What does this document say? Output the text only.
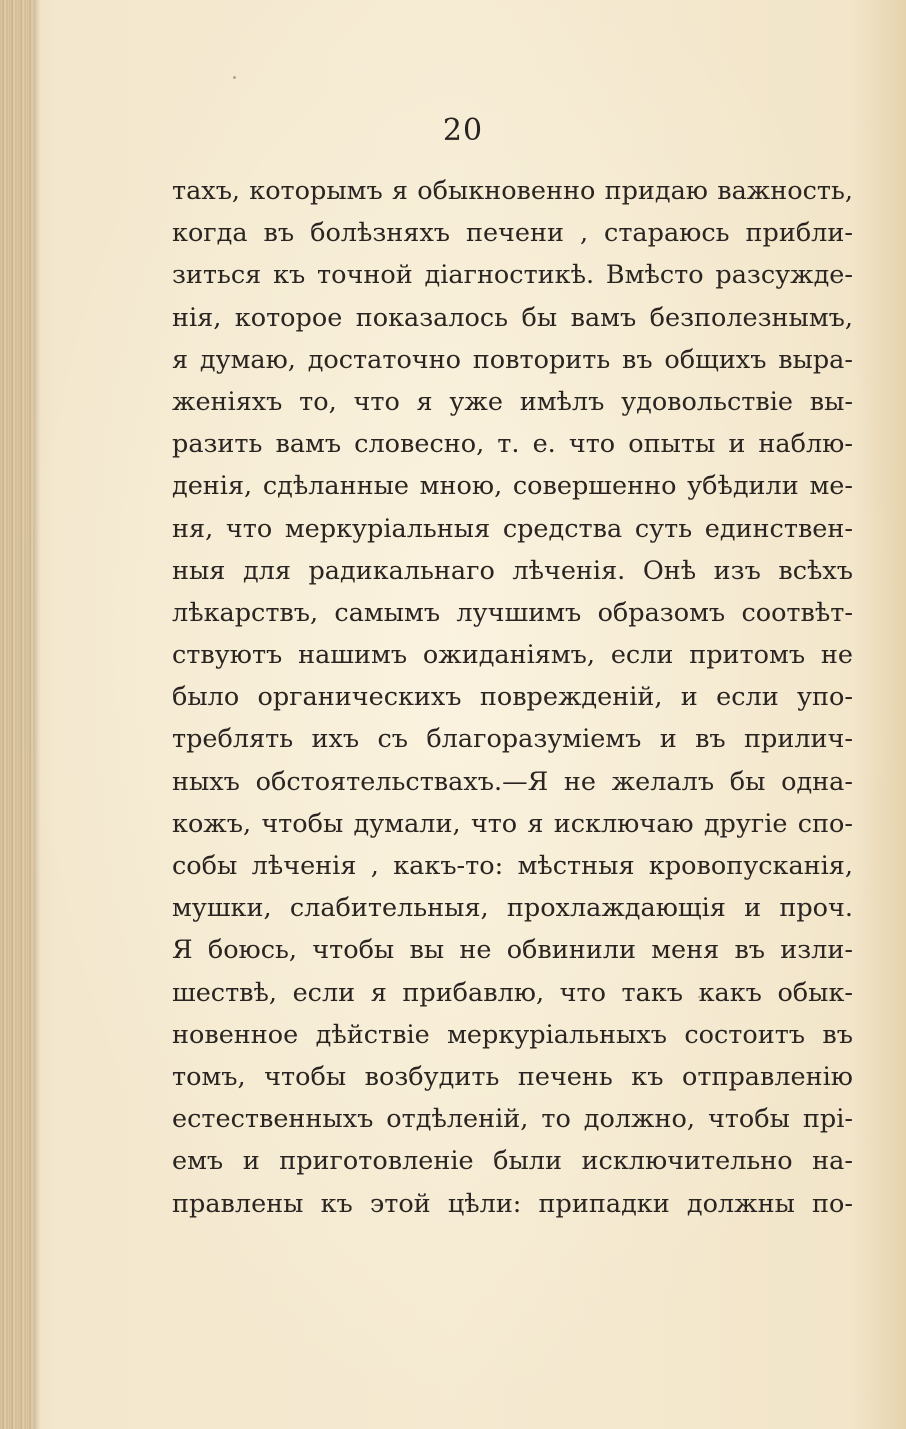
20
тахъ, которымъ я обыкновенно придаю важность,
когда въ болѣзняхъ печени , стараюсь прибли-
зиться къ точной дiагностикѣ. Вмѣсто разсужде-
нiя, которое показалось бы вамъ безполезнымъ,
я думаю, достаточно повторить въ общихъ выра-
женiяхъ то, что я уже имѣлъ удовольствiе вы-
разить вамъ словесно, т. е. что опыты и наблю-
денiя, сдѣланные мною, совершенно убѣдили ме-
ня, что меркурiальныя средства суть единствен-
ныя для радикальнаго лѣченiя. Онѣ изъ всѣхъ
лѣкарствъ, самымъ лучшимъ образомъ соотвѣт-
ствуютъ нашимъ ожиданiямъ, если притомъ не
было органическихъ поврежденiй, и если упо-
треблять ихъ съ благоразумiемъ и въ прилич-
ныхъ обстоятельствахъ.—Я не желалъ бы одна-
кожъ, чтобы думали, что я исключаю другiе спо-
собы лѣченiя , какъ-то: мѣстныя кровопусканiя,
мушки, слабительныя, прохлаждающiя и проч.
Я боюсь, чтобы вы не обвинили меня въ изли-
шествѣ, если я прибавлю, что такъ какъ обык-
новенное дѣйствiе меркурiальныхъ состоитъ въ
томъ, чтобы возбудить печень къ отправленiю
естественныхъ отдѣленiй, то должно, чтобы прi-
емъ и приготовленiе были исключительно на-
правлены къ этой цѣли: припадки должны по-
